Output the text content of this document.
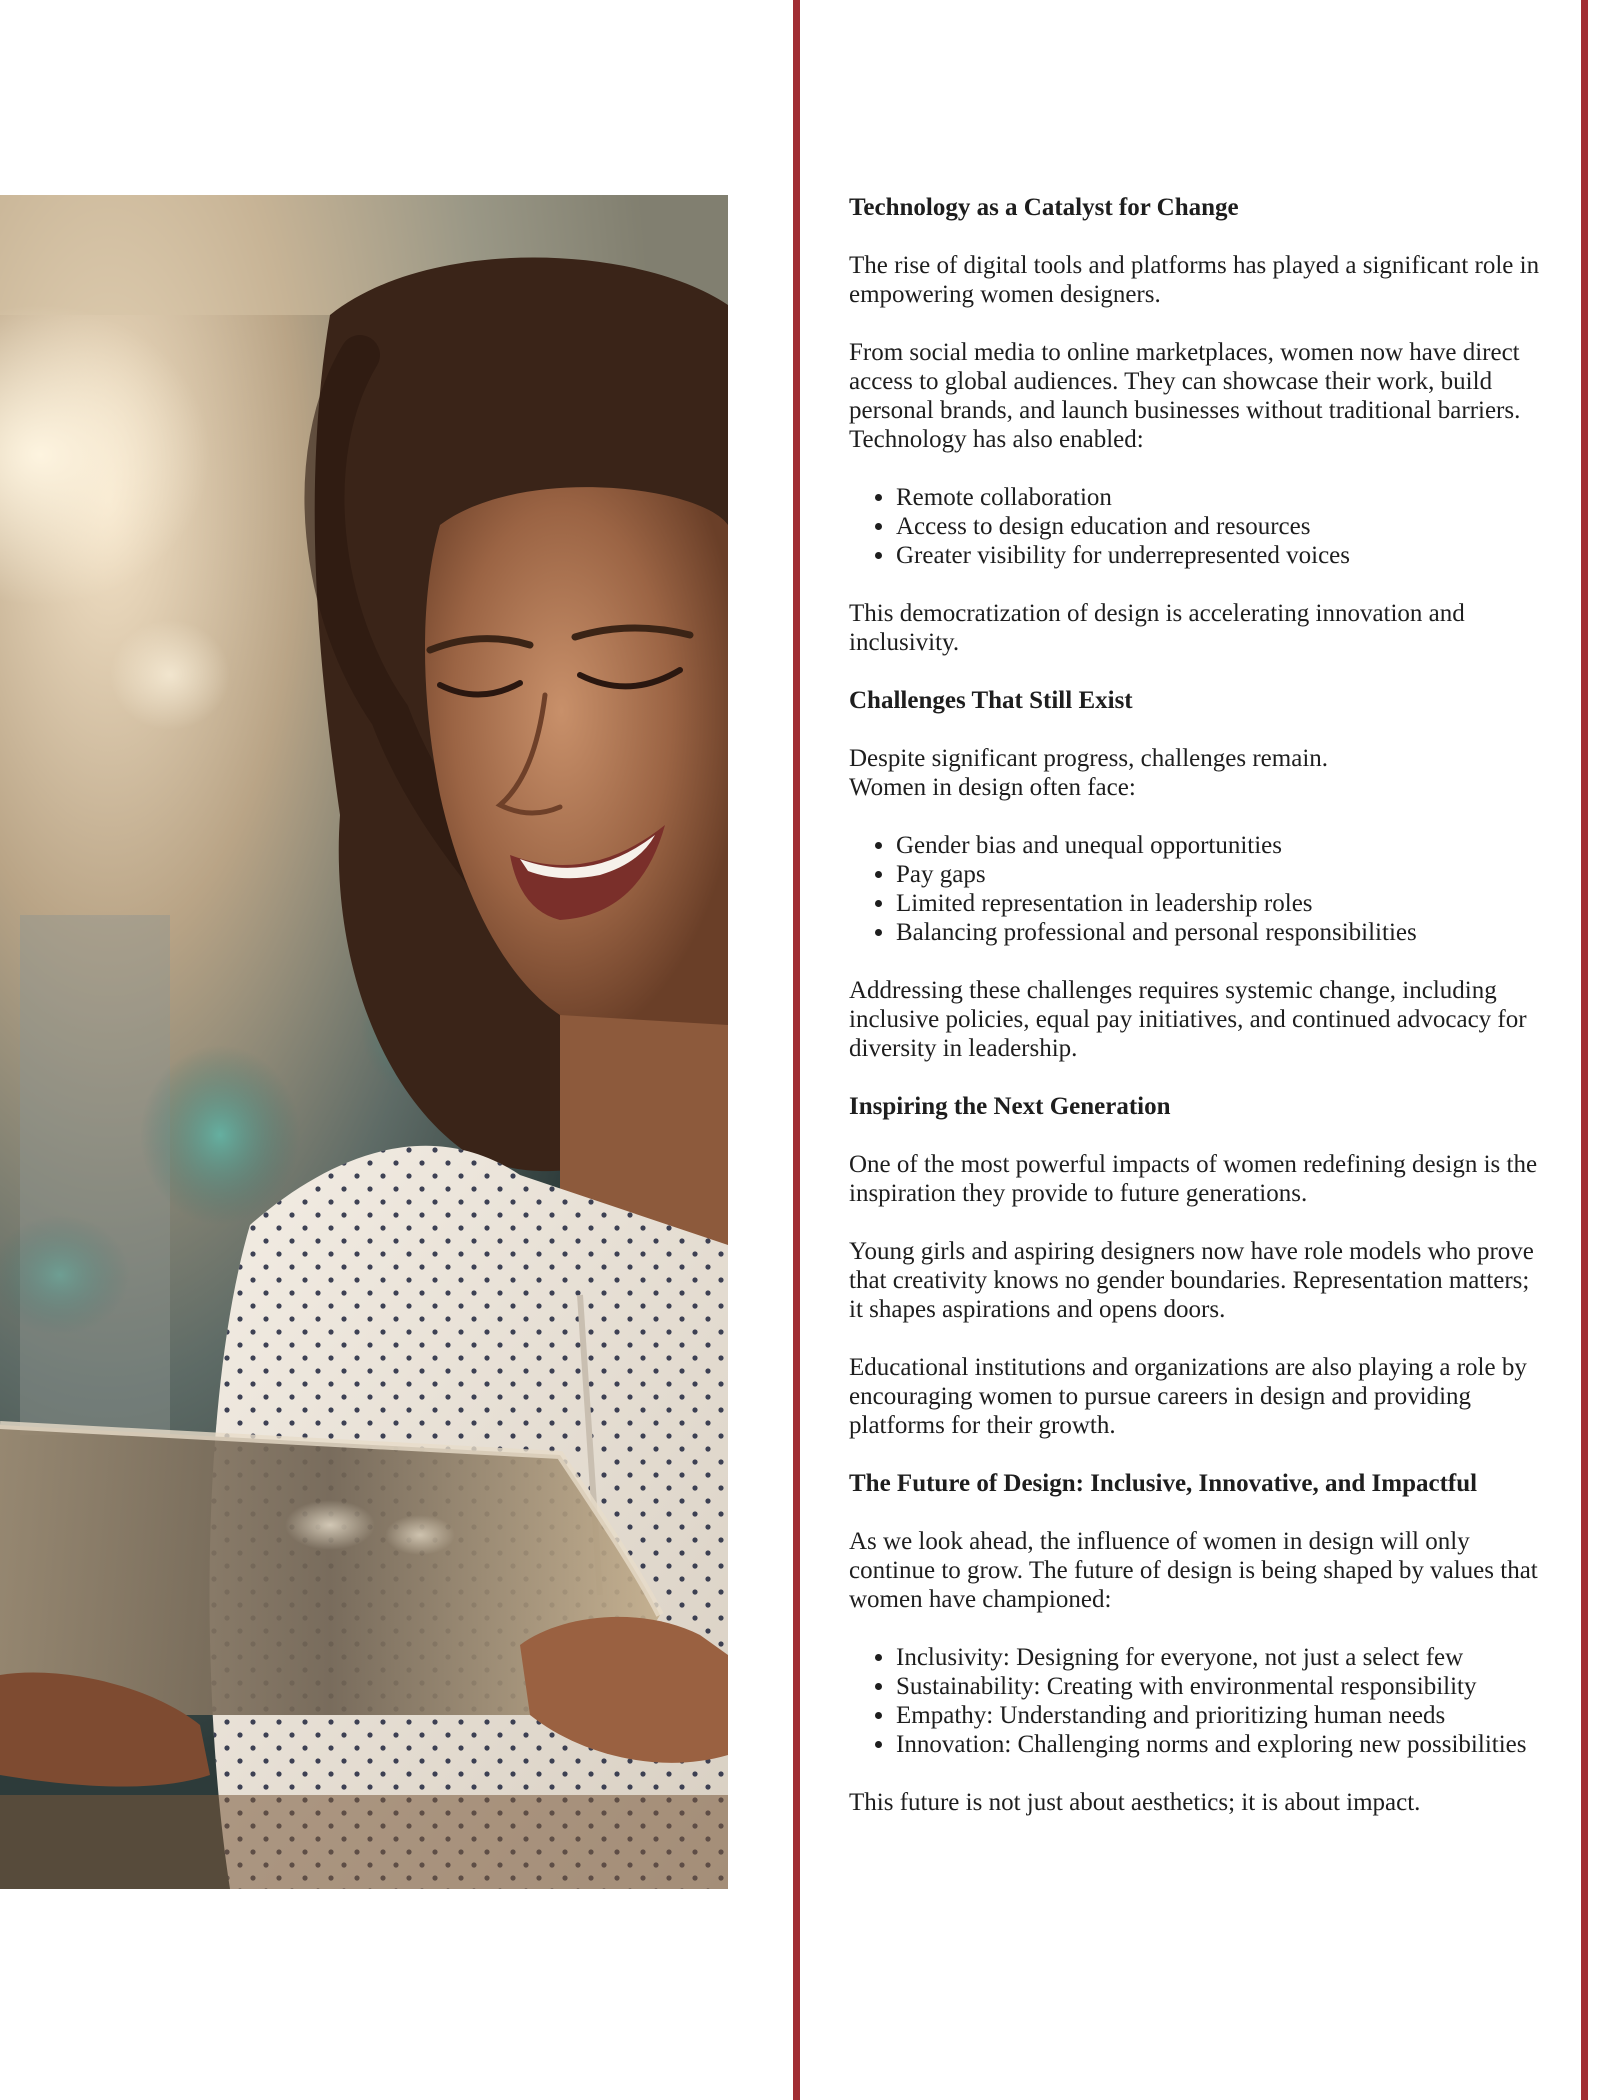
Technology as a Catalyst for Change

The rise of digital tools and platforms has played a significant role in empowering women designers.

From social media to online marketplaces, women now have direct access to global audiences. They can showcase their work, build personal brands, and launch businesses without traditional barriers.

Technology has also enabled:

• Remote collaboration
• Access to design education and resources
• Greater visibility for underrepresented voices

This democratization of design is accelerating innovation and inclusivity.

Challenges That Still Exist

Despite significant progress, challenges remain.

Women in design often face:

• Gender bias and unequal opportunities
• Pay gaps
• Limited representation in leadership roles
• Balancing professional and personal responsibilities

Addressing these challenges requires systemic change, including inclusive policies, equal pay initiatives, and continued advocacy for diversity in leadership.

Inspiring the Next Generation

One of the most powerful impacts of women redefining design is the inspiration they provide to future generations.

Young girls and aspiring designers now have role models who prove that creativity knows no gender boundaries. Representation matters; it shapes aspirations and opens doors.

Educational institutions and organizations are also playing a role by encouraging women to pursue careers in design and providing platforms for their growth.

The Future of Design: Inclusive, Innovative, and Impactful

As we look ahead, the influence of women in design will only continue to grow. The future of design is being shaped by values that women have championed:

• Inclusivity: Designing for everyone, not just a select few
• Sustainability: Creating with environmental responsibility
• Empathy: Understanding and prioritizing human needs
• Innovation: Challenging norms and exploring new possibilities

This future is not just about aesthetics; it is about impact.
